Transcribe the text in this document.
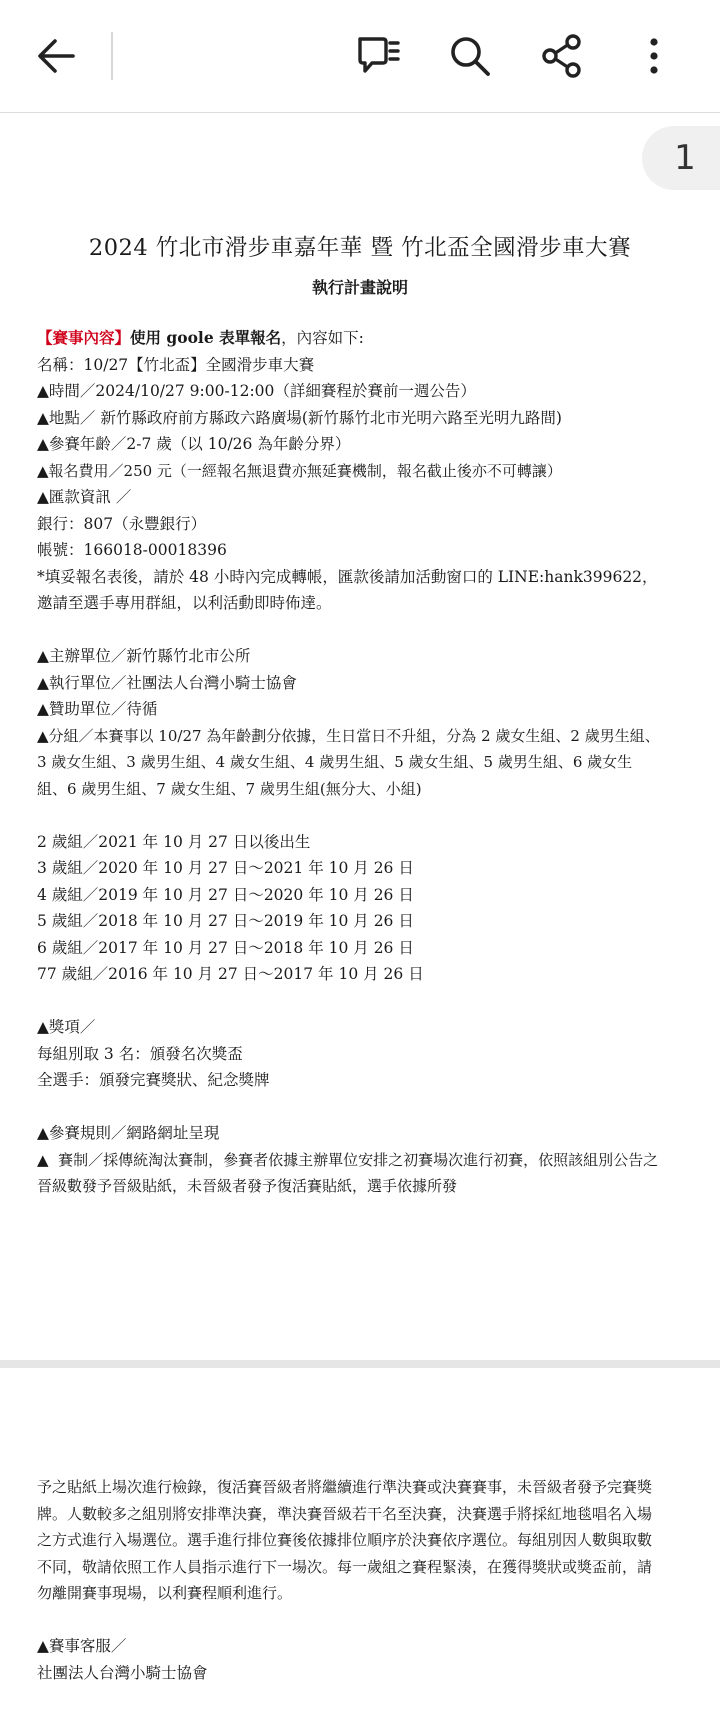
2024 竹北市滑步車嘉年華 暨 竹北盃全國滑步車大賽
執行計畫說明

【賽事內容】使用 goole 表單報名，內容如下:

名稱：10/27【竹北盃】全國滑步車大賽

▲時間／2024/10/27 9:00-12:00（詳細賽程於賽前一週公告）

▲地點／ 新竹縣政府前方縣政六路廣場(新竹縣竹北市光明六路至光明九路間)

▲參賽年齡／2-7 歲（以 10/26 為年齡分界）

▲報名費用／250 元（一經報名無退費亦無延賽機制，報名截止後亦不可轉讓）

▲匯款資訊 ／

銀行：807（永豐銀行）

帳號：166018-00018396

*填妥報名表後，請於 48 小時內完成轉帳，匯款後請加活動窗口的 LINE:hank399622，邀請至選手專用群組，以利活動即時佈達。

▲主辦單位／新竹縣竹北市公所

▲執行單位／社團法人台灣小騎士協會

▲贊助單位／待循

▲分組／本賽事以 10/27 為年齡劃分依據，生日當日不升組，分為 2 歲女生組、2 歲男生組、3 歲女生組、3 歲男生組、4 歲女生組、4 歲男生組、5 歲女生組、5 歲男生組、6 歲女生組、6 歲男生組、7 歲女生組、7 歲男生組(無分大、小組)

2 歲組／2021 年 10 月 27 日以後出生

3 歲組／2020 年 10 月 27 日～2021 年 10 月 26 日

4 歲組／2019 年 10 月 27 日～2020 年 10 月 26 日

5 歲組／2018 年 10 月 27 日～2019 年 10 月 26 日

6 歲組／2017 年 10 月 27 日～2018 年 10 月 26 日

77 歲組／2016 年 10 月 27 日～2017 年 10 月 26 日

▲獎項／

每組別取 3 名：頒發名次獎盃

全選手：頒發完賽獎狀、紀念獎牌

▲參賽規則／網路網址呈現

▲  賽制／採傳統淘汰賽制，參賽者依據主辦單位安排之初賽場次進行初賽，依照該組別公告之晉級數發予晉級貼紙，未晉級者發予復活賽貼紙，選手依據所發

1

予之貼紙上場次進行檢錄，復活賽晉級者將繼續進行準決賽或決賽賽事，未晉級者發予完賽獎牌。人數較多之組別將安排準決賽，準決賽晉級若干名至決賽，決賽選手將採紅地毯唱名入場之方式進行入場選位。選手進行排位賽後依據排位順序於決賽依序選位。每組別因人數與取數不同，敬請依照工作人員指示進行下一場次。每一歲組之賽程緊湊，在獲得獎狀或獎盃前，請勿離開賽事現場，以利賽程順利進行。

▲賽事客服／

社團法人台灣小騎士協會
